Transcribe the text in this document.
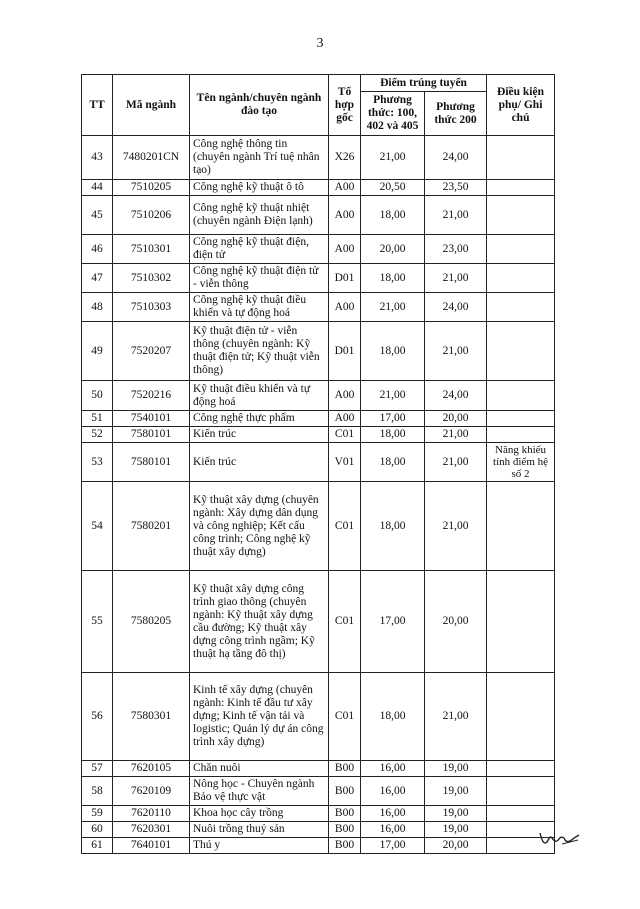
3
TT	Mã ngành	Tên ngành/chuyên ngành đào tạo	Tổ hợp gốc	Điểm trúng tuyển		Điều kiện phụ/ Ghi chú
				Phương thức: 100, 402 và 405	Phương thức 200	
43	7480201CN	Công nghệ thông tin (chuyên ngành Trí tuệ nhân tạo)	X26	21,00	24,00	
44	7510205	Công nghệ kỹ thuật ô tô	A00	20,50	23,50	
45	7510206	Công nghệ kỹ thuật nhiệt (chuyên ngành Điện lạnh)	A00	18,00	21,00	
46	7510301	Công nghệ kỹ thuật điện, điện tử	A00	20,00	23,00	
47	7510302	Công nghệ kỹ thuật điện tử - viễn thông	D01	18,00	21,00	
48	7510303	Công nghệ kỹ thuật điều khiển và tự động hoá	A00	21,00	24,00	
49	7520207	Kỹ thuật điện tử - viễn thông (chuyên ngành: Kỹ thuật điện tử; Kỹ thuật viễn thông)	D01	18,00	21,00	
50	7520216	Kỹ thuật điều khiển và tự động hoá	A00	21,00	24,00	
51	7540101	Công nghệ thực phẩm	A00	17,00	20,00	
52	7580101	Kiến trúc	C01	18,00	21,00	
53	7580101	Kiến trúc	V01	18,00	21,00	Năng khiếu tính điểm hệ số 2
54	7580201	Kỹ thuật xây dựng (chuyên ngành: Xây dựng dân dụng và công nghiệp; Kết cấu công trình; Công nghệ kỹ thuật xây dựng)	C01	18,00	21,00	
55	7580205	Kỹ thuật xây dựng công trình giao thông (chuyên ngành: Kỹ thuật xây dựng cầu đường; Kỹ thuật xây dựng công trình ngầm; Kỹ thuật hạ tầng đô thị)	C01	17,00	20,00	
56	7580301	Kinh tế xây dựng (chuyên ngành: Kinh tế đầu tư xây dựng; Kinh tế vận tải và logistic; Quản lý dự án công trình xây dựng)	C01	18,00	21,00	
57	7620105	Chăn nuôi	B00	16,00	19,00	
58	7620109	Nông học - Chuyên ngành Bảo vệ thực vật	B00	16,00	19,00	
59	7620110	Khoa học cây trồng	B00	16,00	19,00	
60	7620301	Nuôi trồng thuỷ sản	B00	16,00	19,00	
61	7640101	Thú y	B00	17,00	20,00	
